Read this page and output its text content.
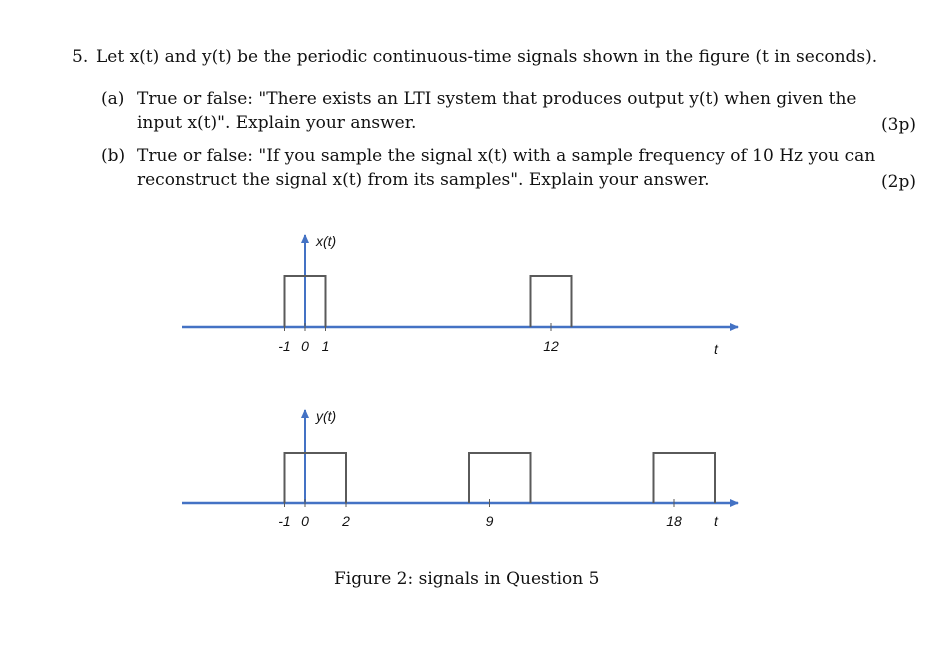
5. Let x(t) and y(t) be the periodic continuous-time signals shown in the figure (t in seconds).
(a) True or false: "There exists an LTI system that produces output y(t) when given the
input x(t)". Explain your answer.	(3p)
(b) True or false: "If you sample the signal x(t) with a sample frequency of 10 Hz you can
reconstruct the signal x(t) from its samples". Explain your answer.	(2p)
-1 0 1	12
x(t)
t
-1 0 2	9	18
y(t)
t
Figure 2: signals in Question 5
